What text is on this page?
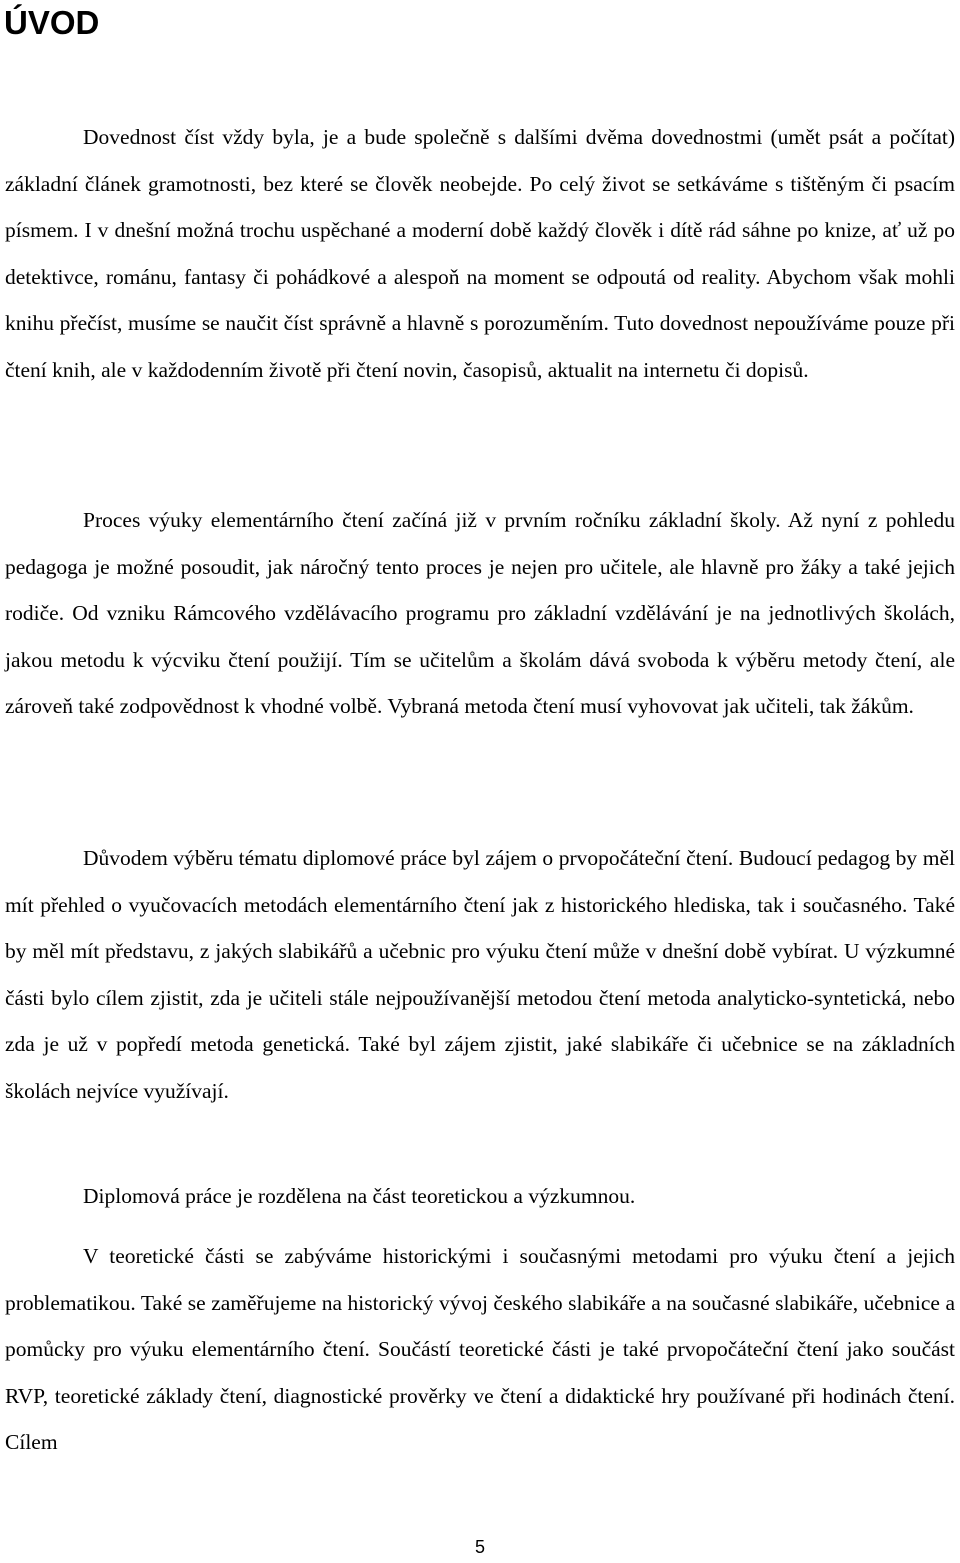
ÚVOD

Dovednost číst vždy byla, je a bude společně s dalšími dvěma dovednostmi (umět psát a počítat) základní článek gramotnosti, bez které se člověk neobejde. Po celý život se setkáváme s tištěným či psacím písmem. I v dnešní možná trochu uspěchané a moderní době každý člověk i dítě rád sáhne po knize, ať už po detektivce, románu, fantasy či pohádkové a alespoň na moment se odpoutá od reality. Abychom však mohli knihu přečíst, musíme se naučit číst správně a hlavně s porozuměním. Tuto dovednost nepoužíváme pouze při čtení knih, ale v každodenním životě při čtení novin, časopisů, aktualit na internetu či dopisů.

Proces výuky elementárního čtení začíná již v prvním ročníku základní školy. Až nyní z pohledu pedagoga je možné posoudit, jak náročný tento proces je nejen pro učitele, ale hlavně pro žáky a také jejich rodiče. Od vzniku Rámcového vzdělávacího programu pro základní vzdělávání je na jednotlivých školách, jakou metodu k výcviku čtení použijí. Tím se učitelům a školám dává svoboda k výběru metody čtení, ale zároveň také zodpovědnost k vhodné volbě. Vybraná metoda čtení musí vyhovovat jak učiteli, tak žákům.

Důvodem výběru tématu diplomové práce byl zájem o prvopočáteční čtení. Budoucí pedagog by měl mít přehled o vyučovacích metodách elementárního čtení jak z historického hlediska, tak i současného. Také by měl mít představu, z jakých slabikářů a učebnic pro výuku čtení může v dnešní době vybírat. U výzkumné části bylo cílem zjistit, zda je učiteli stále nejpoužívanější metodou čtení metoda analyticko-syntetická, nebo zda je už v popředí metoda genetická. Také byl zájem zjistit, jaké slabikáře či učebnice se na základních školách nejvíce využívají.

Diplomová práce je rozdělena na část teoretickou a výzkumnou.

V teoretické části se zabýváme historickými i současnými metodami pro výuku čtení a jejich problematikou. Také se zaměřujeme na historický vývoj českého slabikáře a na současné slabikáře, učebnice a pomůcky pro výuku elementárního čtení. Součástí teoretické části je také prvopočáteční čtení jako součást RVP, teoretické základy čtení, diagnostické prověrky ve čtení a didaktické hry používané při hodinách čtení. Cílem

5
